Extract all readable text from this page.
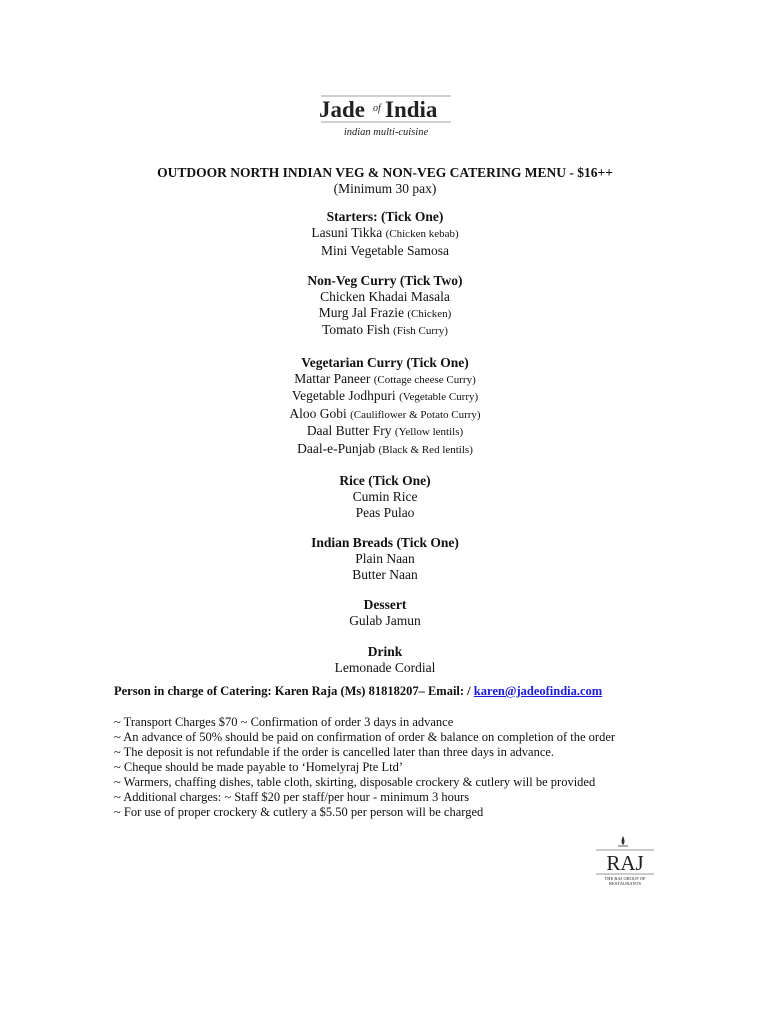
Jade of India
indian multi-cuisine

OUTDOOR NORTH INDIAN VEG & NON-VEG CATERING MENU - $16++

(Minimum 30 pax)

Starters: (Tick One)

Lasuni Tikka (Chicken kebab)

Mini Vegetable Samosa

Non-Veg Curry (Tick Two)

Chicken Khadai Masala

Murg Jal Frazie (Chicken)

Tomato Fish (Fish Curry)

Vegetarian Curry (Tick One)

Mattar Paneer (Cottage cheese Curry)

Vegetable Jodhpuri (Vegetable Curry)

Aloo Gobi (Cauliflower & Potato Curry)

Daal Butter Fry (Yellow lentils)

Daal-e-Punjab (Black & Red lentils)

Rice (Tick One)

Cumin Rice

Peas Pulao

Indian Breads (Tick One)

Plain Naan

Butter Naan

Dessert

Gulab Jamun

Drink

Lemonade Cordial

Person in charge of Catering: Karen Raja (Ms) 81818207– Email: / karen@jadeofindia.com
~ Transport Charges $70 ~ Confirmation of order 3 days in advance
~ An advance of 50% should be paid on confirmation of order & balance on completion of the order
~ The deposit is not refundable if the order is cancelled later than three days in advance.
~ Cheque should be made payable to ‘Homelyraj Pte Ltd’
~ Warmers, chaffing dishes, table cloth, skirting, disposable crockery & cutlery will be provided
~ Additional charges: ~ Staff $20 per staff/per hour - minimum 3 hours
~ For use of proper crockery & cutlery a $5.50 per person will be charged
RAJ
THE RAJ GROUP OF
RESTAURANTS
